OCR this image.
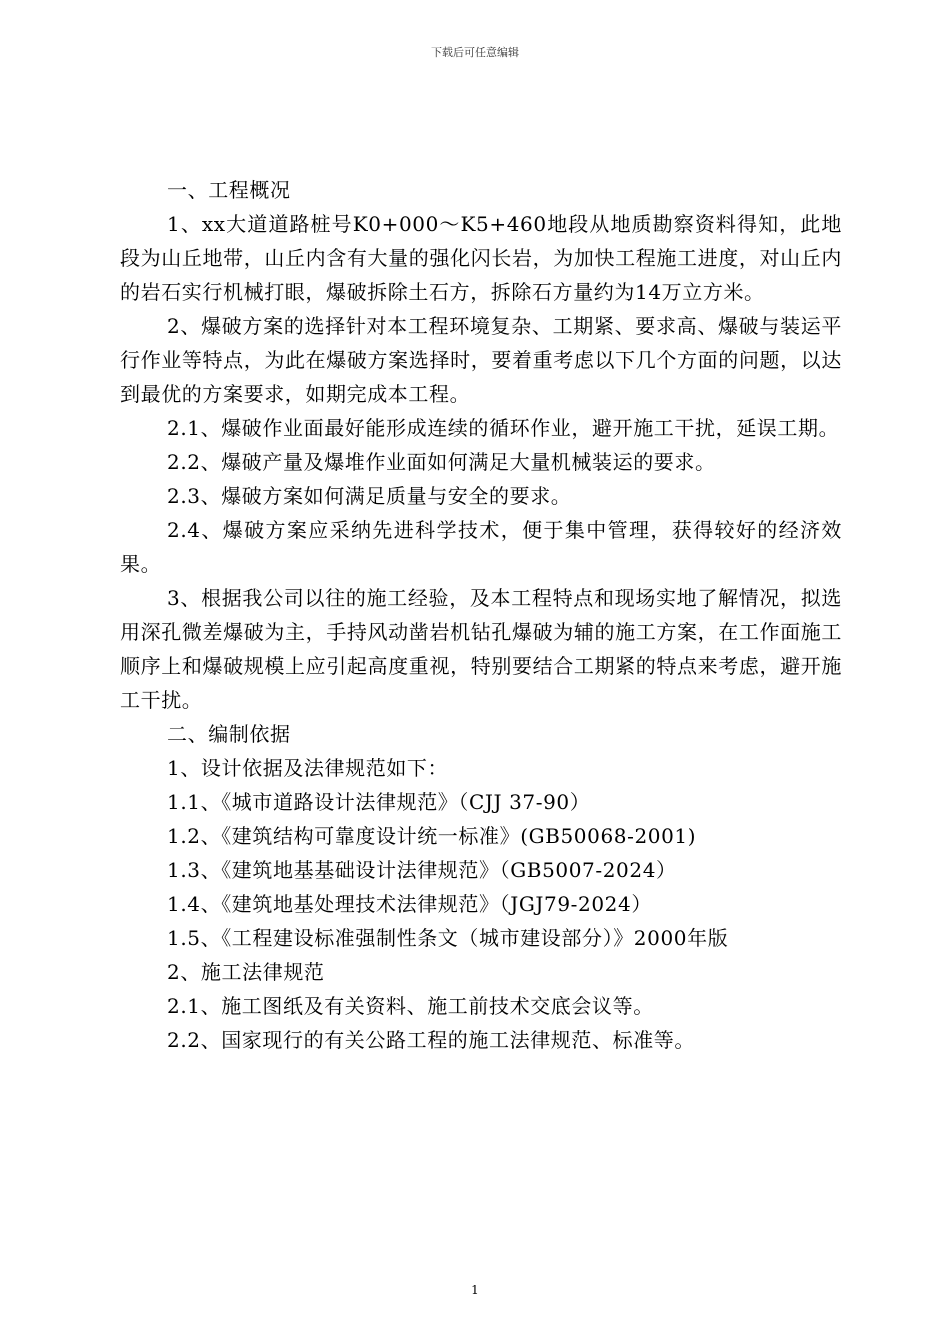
下载后可任意编辑

一、工程概况

1、xx大道道路桩号K0+000～K5+460地段从地质勘察资料得知，此地段为山丘地带，山丘内含有大量的强化闪长岩，为加快工程施工进度，对山丘内的岩石实行机械打眼，爆破拆除土石方，拆除石方量约为14万立方米。

2、爆破方案的选择针对本工程环境复杂、工期紧、要求高、爆破与装运平行作业等特点，为此在爆破方案选择时，要着重考虑以下几个方面的问题，以达到最优的方案要求，如期完成本工程。

2.1、爆破作业面最好能形成连续的循环作业，避开施工干扰，延误工期。

2.2、爆破产量及爆堆作业面如何满足大量机械装运的要求。

2.3、爆破方案如何满足质量与安全的要求。

2.4、爆破方案应采纳先进科学技术，便于集中管理，获得较好的经济效果。

3、根据我公司以往的施工经验，及本工程特点和现场实地了解情况，拟选用深孔微差爆破为主，手持风动凿岩机钻孔爆破为辅的施工方案，在工作面施工顺序上和爆破规模上应引起高度重视，特别要结合工期紧的特点来考虑，避开施工干扰。

二、编制依据

1、设计依据及法律规范如下：

1.1、《城市道路设计法律规范》（CJJ 37-90）

1.2、《建筑结构可靠度设计统一标准》(GB50068-2001)

1.3、《建筑地基基础设计法律规范》（GB5007-2024）

1.4、《建筑地基处理技术法律规范》（JGJ79-2024）

1.5、《工程建设标准强制性条文（城市建设部分）》2000年版

2、施工法律规范

2.1、施工图纸及有关资料、施工前技术交底会议等。

2.2、国家现行的有关公路工程的施工法律规范、标准等。

1
